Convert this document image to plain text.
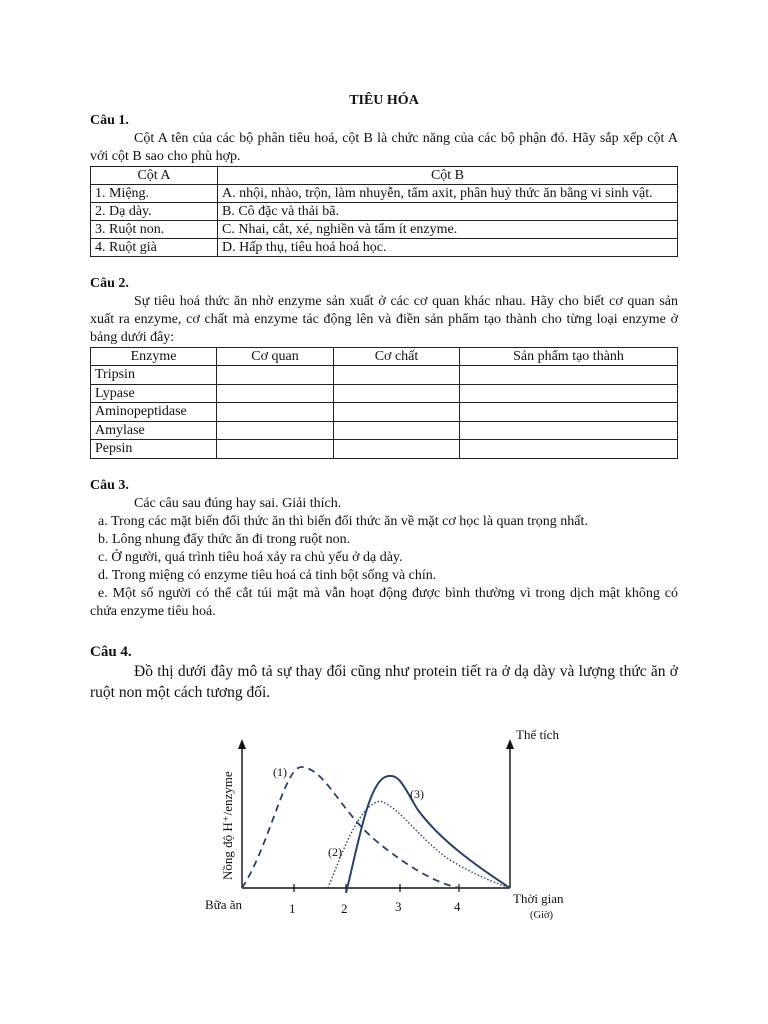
TIÊU HÓA

Câu 1.

Cột A tên của các bộ phân tiêu hoá, cột B là chức năng của các bộ phận đó. Hãy sắp xếp cột A với cột B sao cho phù hợp.

Cột A	Cột B
1. Miệng.	A. nhội, nhào, trộn, làm nhuyễn, tẩm axit, phân huỷ thức ăn bằng vi sinh vật.
2. Dạ dày.	B. Cô đặc và thải bã.
3. Ruột non.	C. Nhai, cắt, xé, nghiền và tẩm ít enzyme.
4. Ruột già	D. Hấp thụ, tiêu hoá hoá học.

Câu 2.

Sự tiêu hoá thức ăn nhờ enzyme sản xuất ở các cơ quan khác nhau. Hãy cho biết cơ quan sản xuất ra enzyme, cơ chất mà enzyme tác động lên và điền sản phẩm tạo thành cho từng loại enzyme ở bảng dưới đây:

Enzyme	Cơ quan	Cơ chất	Sản phẩm tạo thành
Tripsin			
Lypase			
Aminopeptidase			
Amylase			
Pepsin			

Câu 3.

Các câu sau đúng hay sai. Giải thích.

a. Trong các mặt biến đổi thức ăn thì biến đổi thức ăn về mặt cơ học là quan trọng nhất.

b. Lông nhung đẩy thức ăn đi trong ruột non.

c. Ở người, quá trình tiêu hoá xảy ra chủ yếu ở dạ dày.

d. Trong miệng có enzyme tiêu hoá cả tinh bột sống và chín.

e. Một số người có thể cắt túi mật mà vẫn hoạt động được bình thường vì trong dịch mật không có chứa enzyme tiêu hoá.

Câu 4.

Đồ thị dưới đây mô tả sự thay đổi cũng như protein tiết ra ở dạ dày và lượng thức ăn ở ruột non một cách tương đối.

(1)
(2)
(3)
Thể tích
Nồng độ H⁺/enzyme
Bữa ăn	1	2	3	4
Thời gian
(Giờ)
